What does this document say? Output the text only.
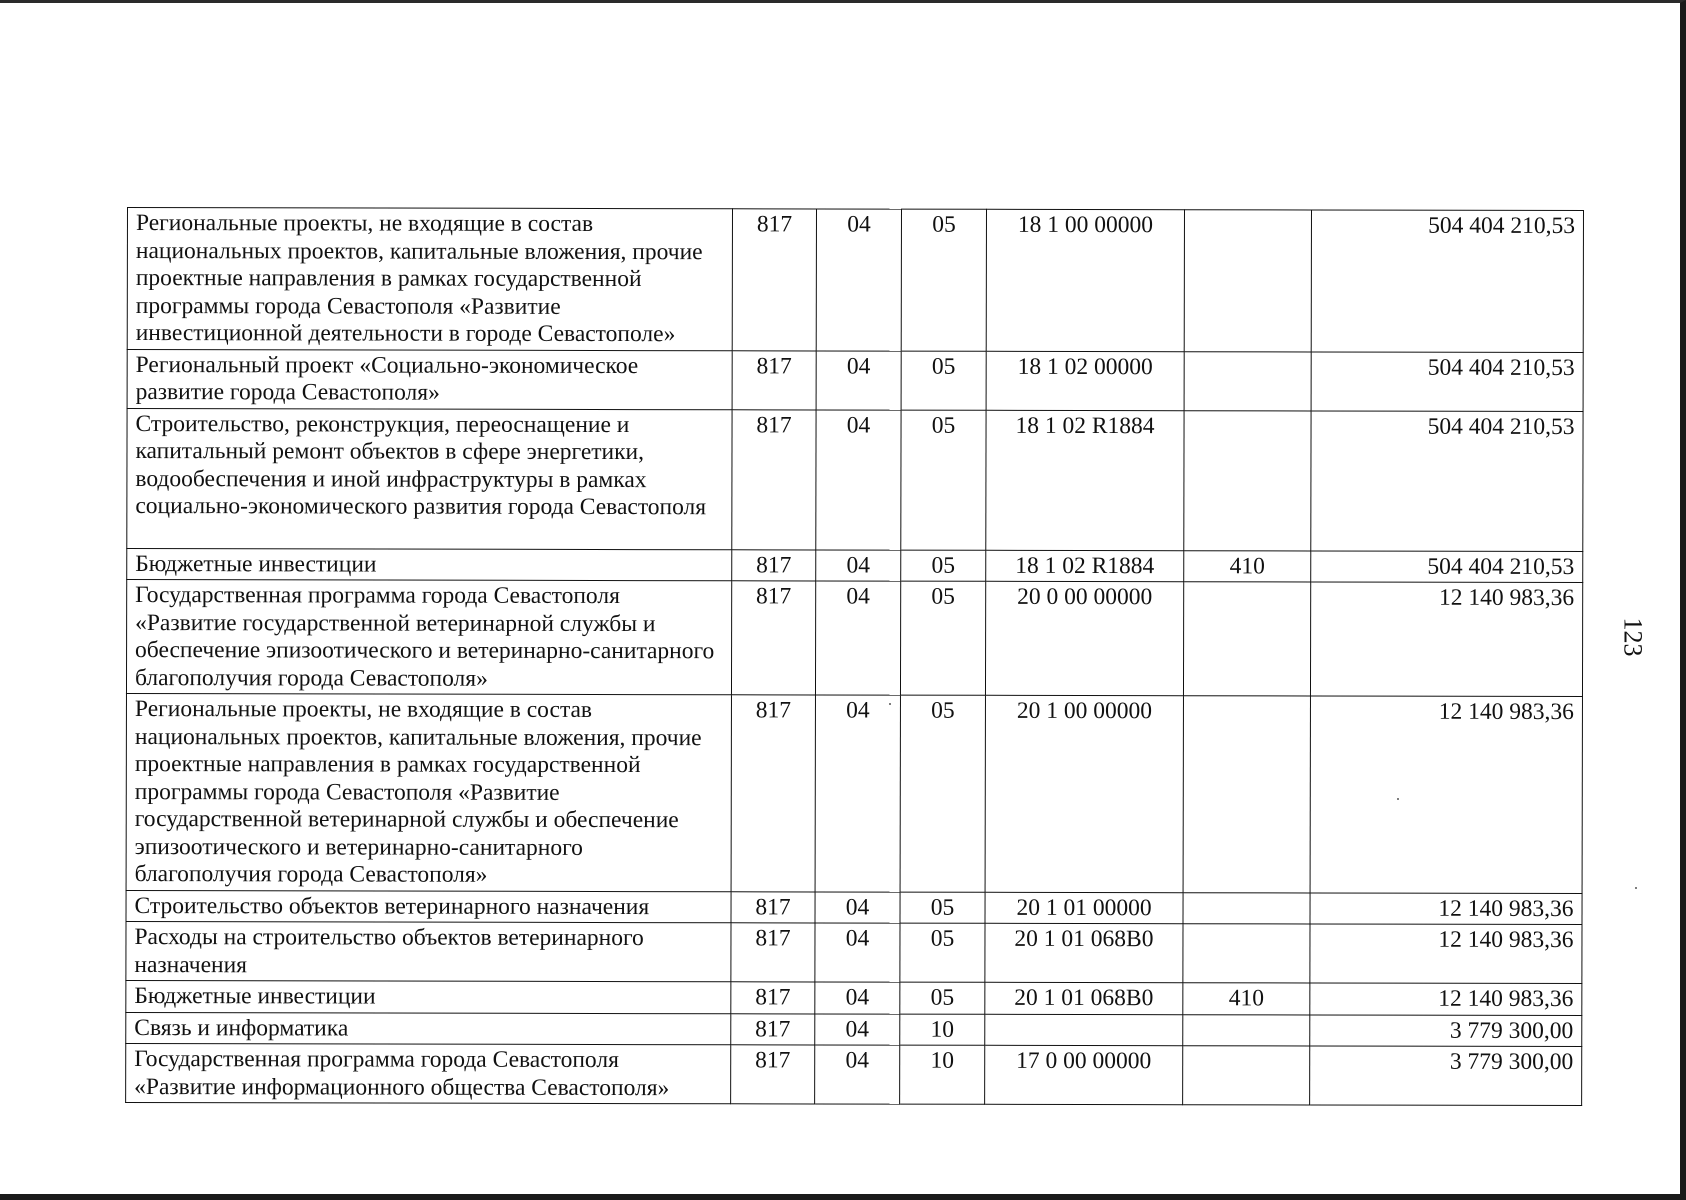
Региональные проекты, не входящие в состав национальных проектов, капитальные вложения, прочие проектные направления в рамках государственной программы города Севастополя «Развитие инвестиционной деятельности в городе Севастополе»	817	04	05	18 1 00 00000		504 404 210,53
Региональный проект «Социально-экономическое развитие города Севастополя»	817	04	05	18 1 02 00000		504 404 210,53
Строительство, реконструкция, переоснащение и капитальный ремонт объектов в сфере энергетики, водообеспечения и иной инфраструктуры в рамках социально-экономического развития города Севастополя	817	04	05	18 1 02 R1884		504 404 210,53
Бюджетные инвестиции	817	04	05	18 1 02 R1884	410	504 404 210,53
Государственная программа города Севастополя «Развитие государственной ветеринарной службы и обеспечение эпизоотического и ветеринарно-санитарного благополучия города Севастополя»	817	04	05	20 0 00 00000		12 140 983,36
Региональные проекты, не входящие в состав национальных проектов, капитальные вложения, прочие проектные направления в рамках государственной программы города Севастополя «Развитие государственной ветеринарной службы и обеспечение эпизоотического и ветеринарно-санитарного благополучия города Севастополя»	817	04	05	20 1 00 00000		12 140 983,36
Строительство объектов ветеринарного назначения	817	04	05	20 1 01 00000		12 140 983,36
Расходы на строительство объектов ветеринарного назначения	817	04	05	20 1 01 068B0		12 140 983,36
Бюджетные инвестиции	817	04	05	20 1 01 068B0	410	12 140 983,36
Связь и информатика	817	04	10			3 779 300,00
Государственная программа города Севастополя «Развитие информационного общества Севастополя»	817	04	10	17 0 00 00000		3 779 300,00
123
